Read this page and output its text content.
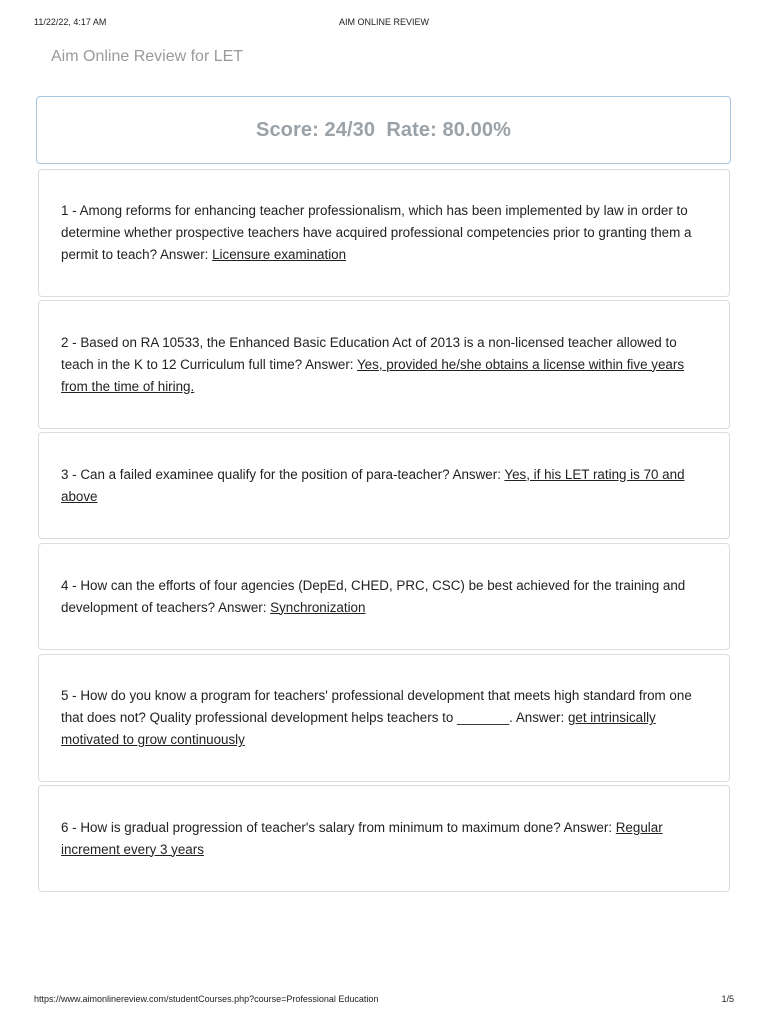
11/22/22, 4:17 AM	AIM ONLINE REVIEW
Aim Online Review for LET
Score: 24/30  Rate: 80.00%
1 - Among reforms for enhancing teacher professionalism, which has been implemented by law in order to determine whether prospective teachers have acquired professional competencies prior to granting them a permit to teach? Answer: Licensure examination
2 - Based on RA 10533, the Enhanced Basic Education Act of 2013 is a non-licensed teacher allowed to teach in the K to 12 Curriculum full time? Answer: Yes, provided he/she obtains a license within five years from the time of hiring.
3 - Can a failed examinee qualify for the position of para-teacher? Answer: Yes, if his LET rating is 70 and above
4 - How can the efforts of four agencies (DepEd, CHED, PRC, CSC) be best achieved for the training and development of teachers? Answer: Synchronization
5 - How do you know a program for teachers' professional development that meets high standard from one that does not? Quality professional development helps teachers to _______. Answer: get intrinsically motivated to grow continuously
6 - How is gradual progression of teacher's salary from minimum to maximum done? Answer: Regular increment every 3 years
https://www.aimonlinereview.com/studentCourses.php?course=Professional Education	1/5
